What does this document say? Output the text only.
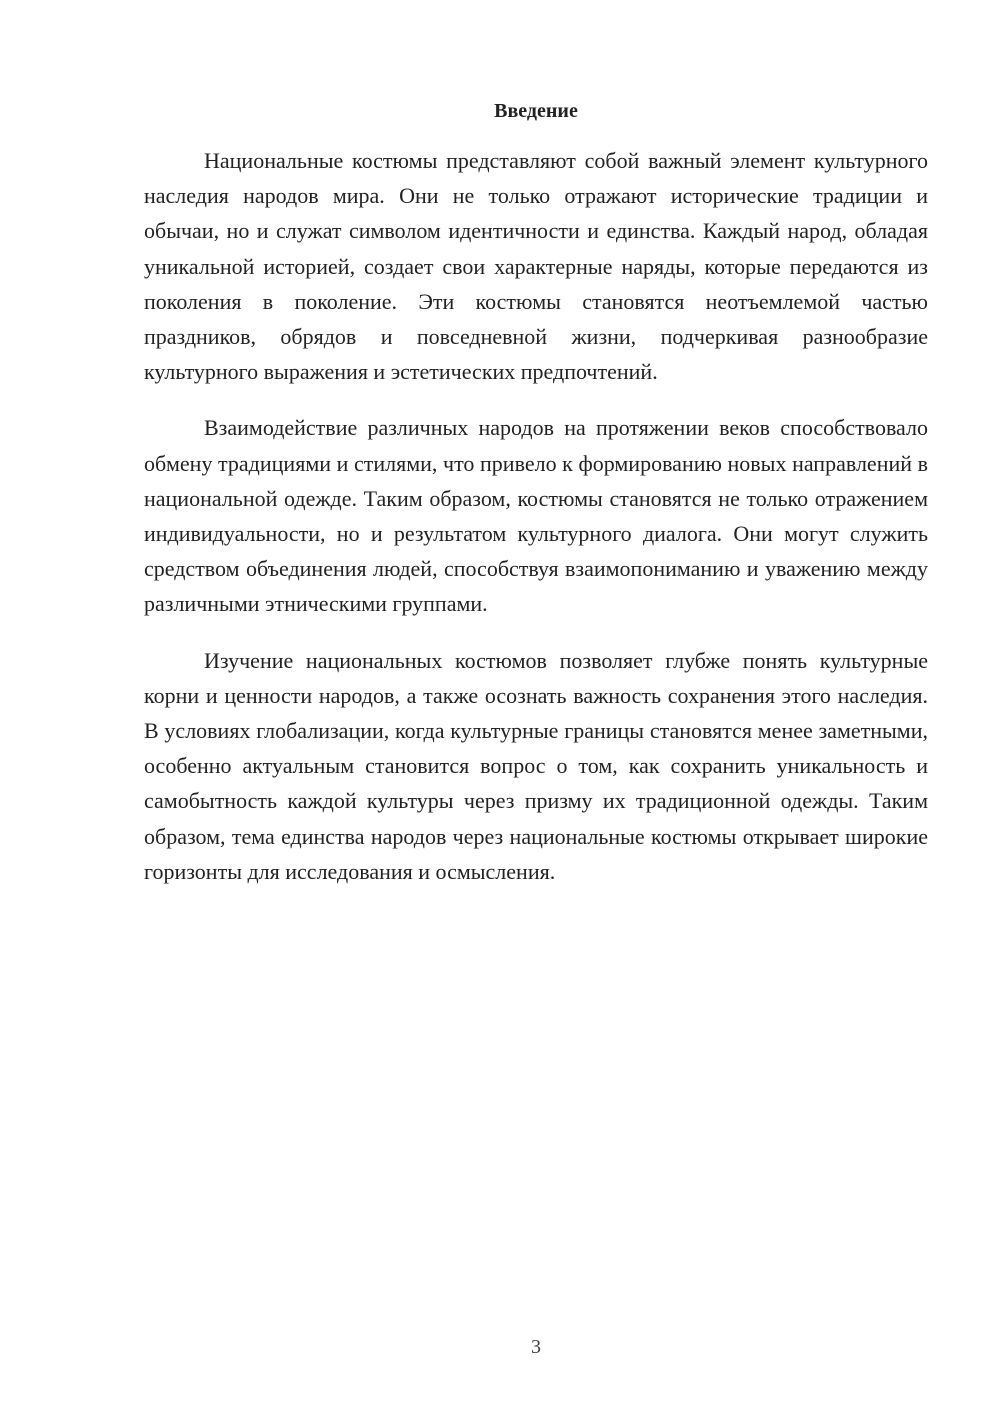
Введение

Национальные костюмы представляют собой важный элемент культурного наследия народов мира. Они не только отражают исторические традиции и обычаи, но и служат символом идентичности и единства. Каждый народ, обладая уникальной историей, создает свои характерные наряды, которые передаются из поколения в поколение. Эти костюмы становятся неотъемлемой частью праздников, обрядов и повседневной жизни, подчеркивая разнообразие культурного выражения и эстетических предпочтений.

Взаимодействие различных народов на протяжении веков способствовало обмену традициями и стилями, что привело к формированию новых направлений в национальной одежде. Таким образом, костюмы становятся не только отражением индивидуальности, но и результатом культурного диалога. Они могут служить средством объединения людей, способствуя взаимопониманию и уважению между различными этническими группами.

Изучение национальных костюмов позволяет глубже понять культурные корни и ценности народов, а также осознать важность сохранения этого наследия. В условиях глобализации, когда культурные границы становятся менее заметными, особенно актуальным становится вопрос о том, как сохранить уникальность и самобытность каждой культуры через призму их традиционной одежды. Таким образом, тема единства народов через национальные костюмы открывает широкие горизонты для исследования и осмысления.

3
